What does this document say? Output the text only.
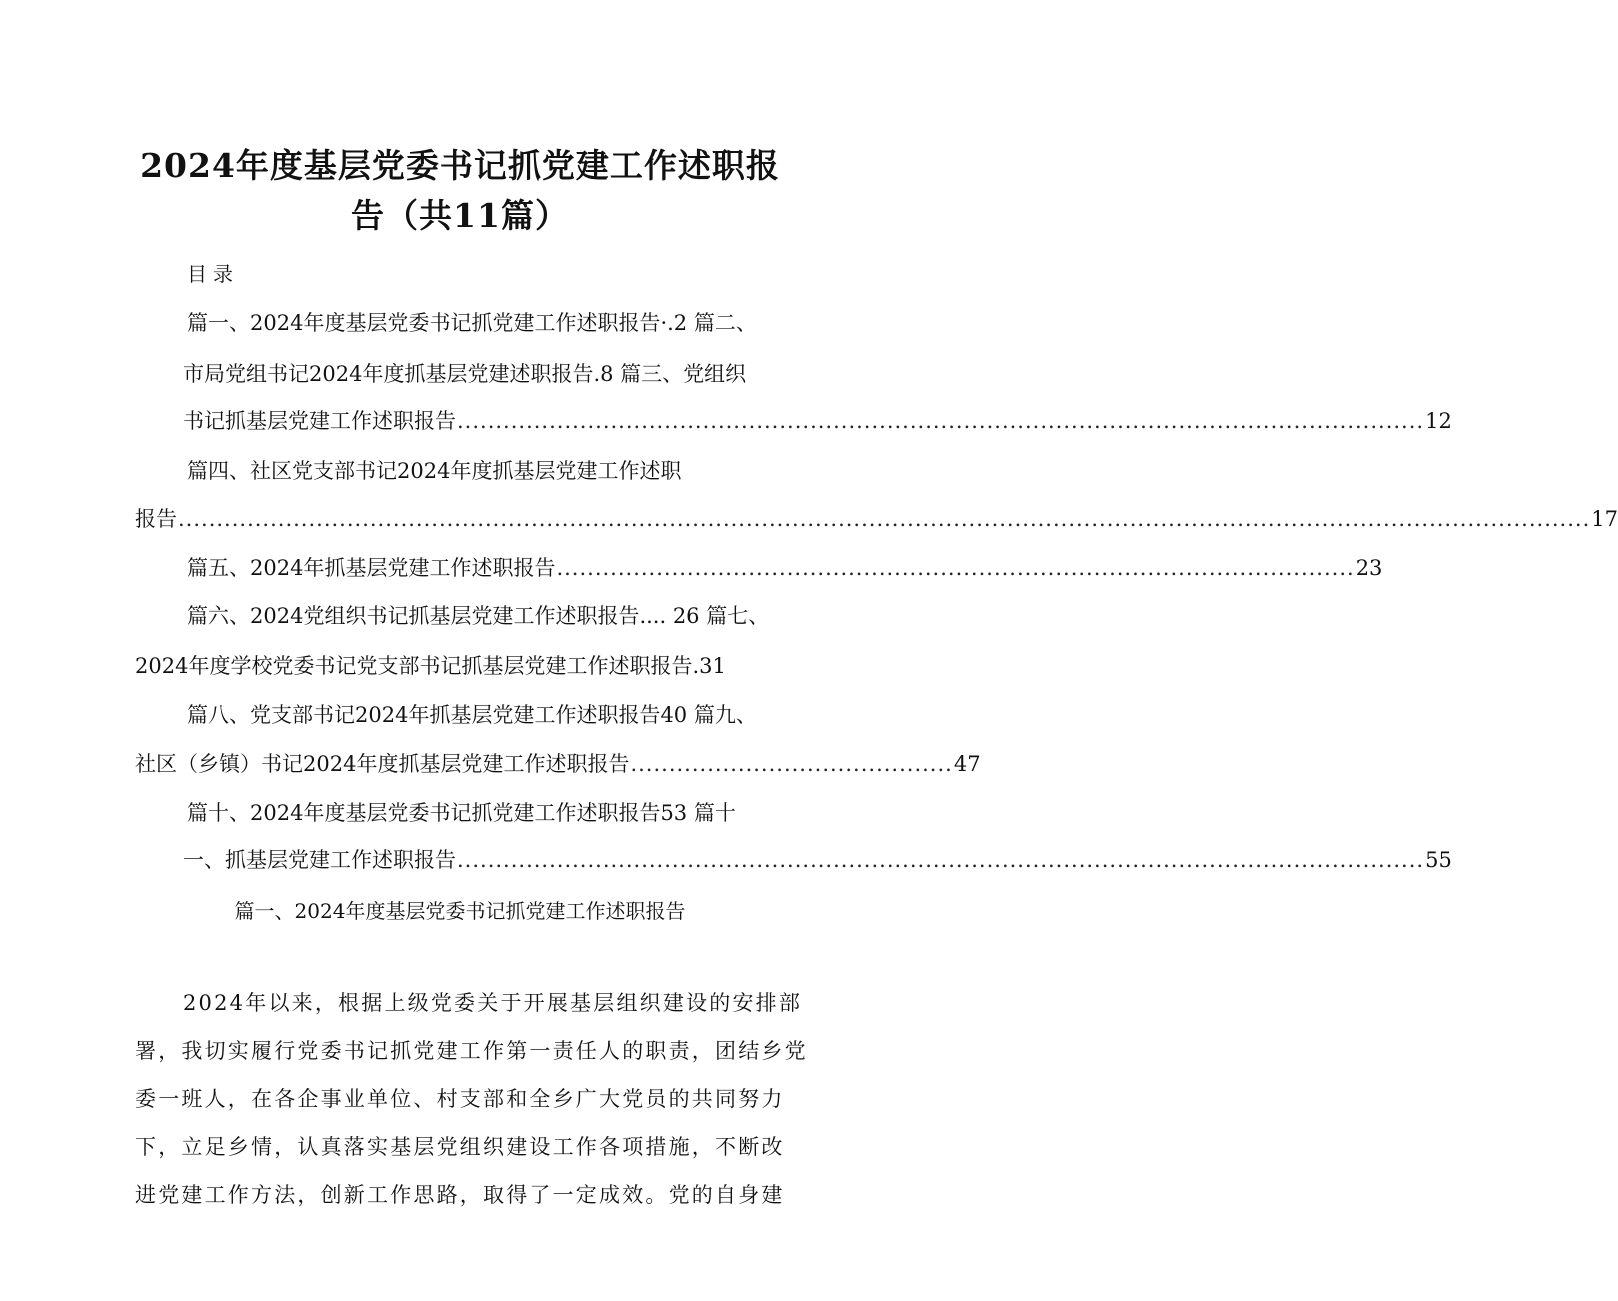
2024年度基层党委书记抓党建工作述职报
告（共11篇）
目录
篇一、2024年度基层党委书记抓党建工作述职报告·.2 篇二、
市局党组书记2024年度抓基层党建述职报告.8 篇三、党组织
书记抓基层党建工作述职报告 .............................................................................................................................. 12
篇四、社区党支部书记2024年度抓基层党建工作述职
报告 ........................................................................................................................................................................................ 17
篇五、2024年抓基层党建工作述职报告 ........................................................................................................ 23
篇六、2024党组织书记抓基层党建工作述职报告.... 26 篇七、
2024年度学校党委书记党支部书记抓基层党建工作述职报告.31
篇八、党支部书记2024年抓基层党建工作述职报告40 篇九、
社区（乡镇）书记2024年度抓基层党建工作述职报告 .......................................... 47
篇十、2024年度基层党委书记抓党建工作述职报告53 篇十
一、抓基层党建工作述职报告 .............................................................................................................................. 55
篇一、2024年度基层党委书记抓党建工作述职报告
2024年以来，根据上级党委关于开展基层组织建设的安排部
署，我切实履行党委书记抓党建工作第一责任人的职责，团结乡党
委一班人，在各企事业单位、村支部和全乡广大党员的共同努力
下，立足乡情，认真落实基层党组织建设工作各项措施，不断改
进党建工作方法，创新工作思路，取得了一定成效。党的自身建
